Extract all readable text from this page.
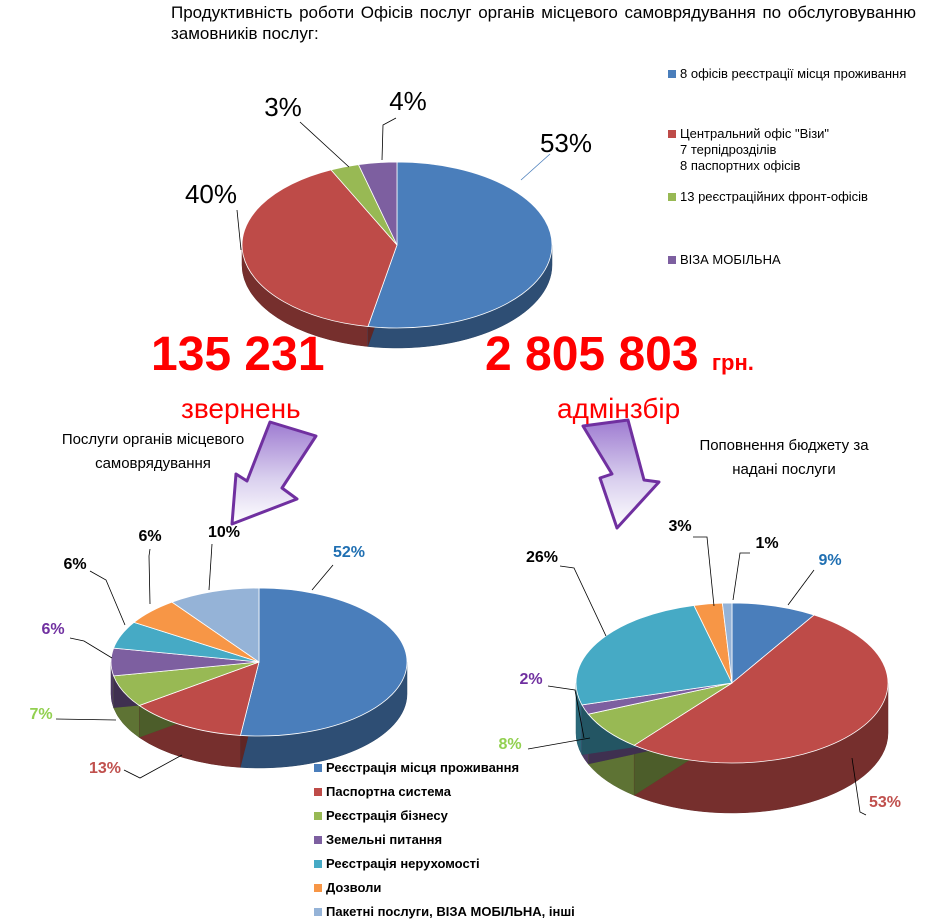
Продуктивність роботи Офісів послуг органів місцевого самоврядування по обслуговуванню замовників послуг:
53%
40%
3%	4%
52%
13%
7%
6%
6%
6%	10%
9%
53%
8%
2%
26%
3%
1%
8 офісів реєстрації місця проживання
Центральний офіс "Візи"
7 терпідрозділів
8 паспортних офісів
13 реєстраційних фронт-офісів
ВІЗА МОБІЛЬНА
135 231	2 805 803 грн.
звернень	адмінзбір
Послуги органів місцевого самоврядування
Поповнення бюджету за надані послуги
Реєстрація місця проживання
Паспортна система
Реєстрація бізнесу
Земельні питання
Реєстрація нерухомості
Дозволи
Пакетні послуги, ВІЗА МОБІЛЬНА, інші
